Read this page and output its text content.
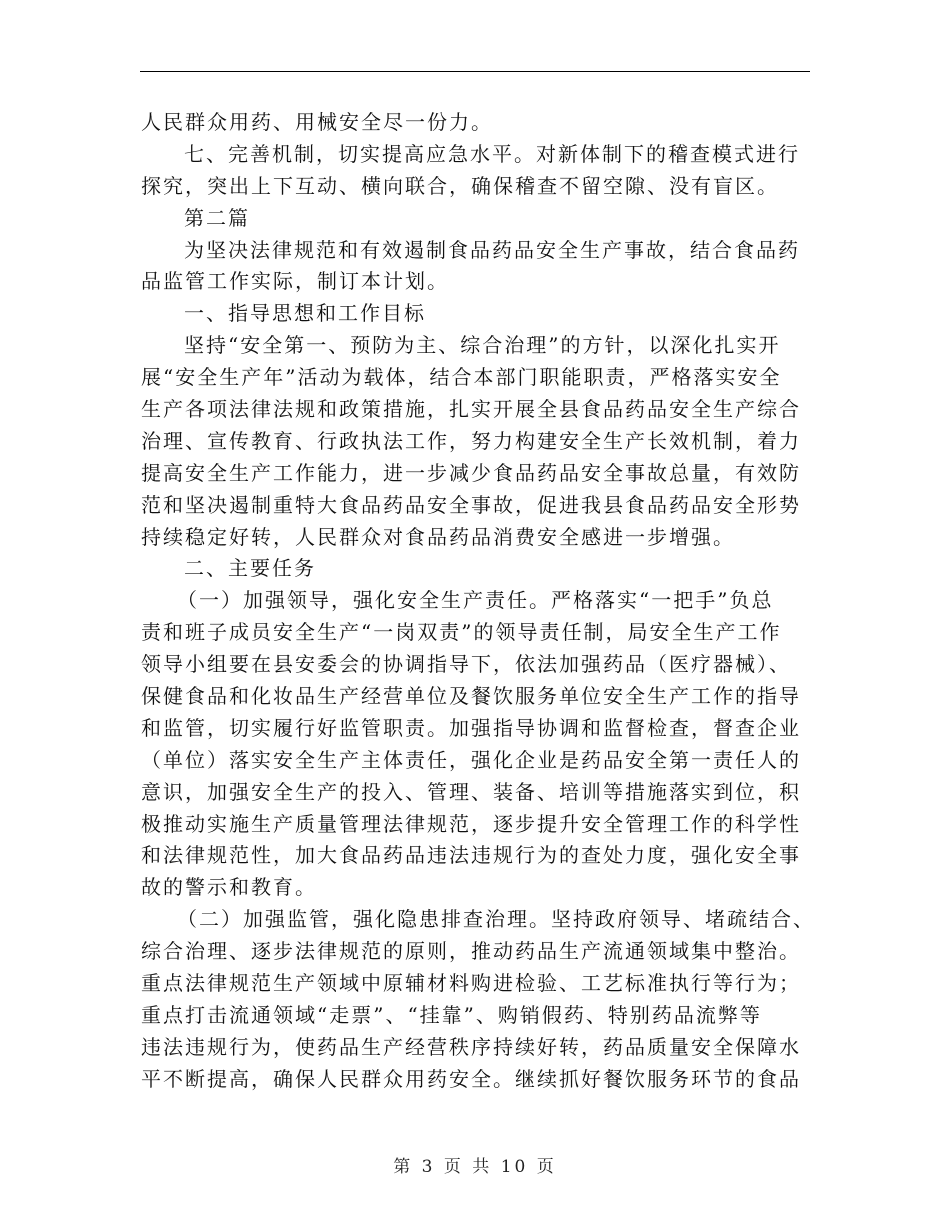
人民群众用药、用械安全尽一份力。
七、完善机制，切实提高应急水平。对新体制下的稽查模式进行
探究，突出上下互动、横向联合，确保稽查不留空隙、没有盲区。
第二篇
为坚决法律规范和有效遏制食品药品安全生产事故，结合食品药
品监管工作实际，制订本计划。
一、指导思想和工作目标
坚持“安全第一、预防为主、综合治理”的方针，以深化扎实开
展“安全生产年”活动为载体，结合本部门职能职责，严格落实安全
生产各项法律法规和政策措施，扎实开展全县食品药品安全生产综合
治理、宣传教育、行政执法工作，努力构建安全生产长效机制，着力
提高安全生产工作能力，进一步减少食品药品安全事故总量，有效防
范和坚决遏制重特大食品药品安全事故，促进我县食品药品安全形势
持续稳定好转，人民群众对食品药品消费安全感进一步增强。
二、主要任务
（一）加强领导，强化安全生产责任。严格落实“一把手”负总
责和班子成员安全生产“一岗双责”的领导责任制，局安全生产工作
领导小组要在县安委会的协调指导下，依法加强药品（医疗器械）、
保健食品和化妆品生产经营单位及餐饮服务单位安全生产工作的指导
和监管，切实履行好监管职责。加强指导协调和监督检查，督查企业
（单位）落实安全生产主体责任，强化企业是药品安全第一责任人的
意识，加强安全生产的投入、管理、装备、培训等措施落实到位，积
极推动实施生产质量管理法律规范，逐步提升安全管理工作的科学性
和法律规范性，加大食品药品违法违规行为的查处力度，强化安全事
故的警示和教育。
（二）加强监管，强化隐患排查治理。坚持政府领导、堵疏结合、
综合治理、逐步法律规范的原则，推动药品生产流通领域集中整治。
重点法律规范生产领域中原辅材料购进检验、工艺标准执行等行为；
重点打击流通领域“走票”、“挂靠”、购销假药、特别药品流弊等
违法违规行为，使药品生产经营秩序持续好转，药品质量安全保障水
平不断提高，确保人民群众用药安全。继续抓好餐饮服务环节的食品
第 3 页 共 10 页
